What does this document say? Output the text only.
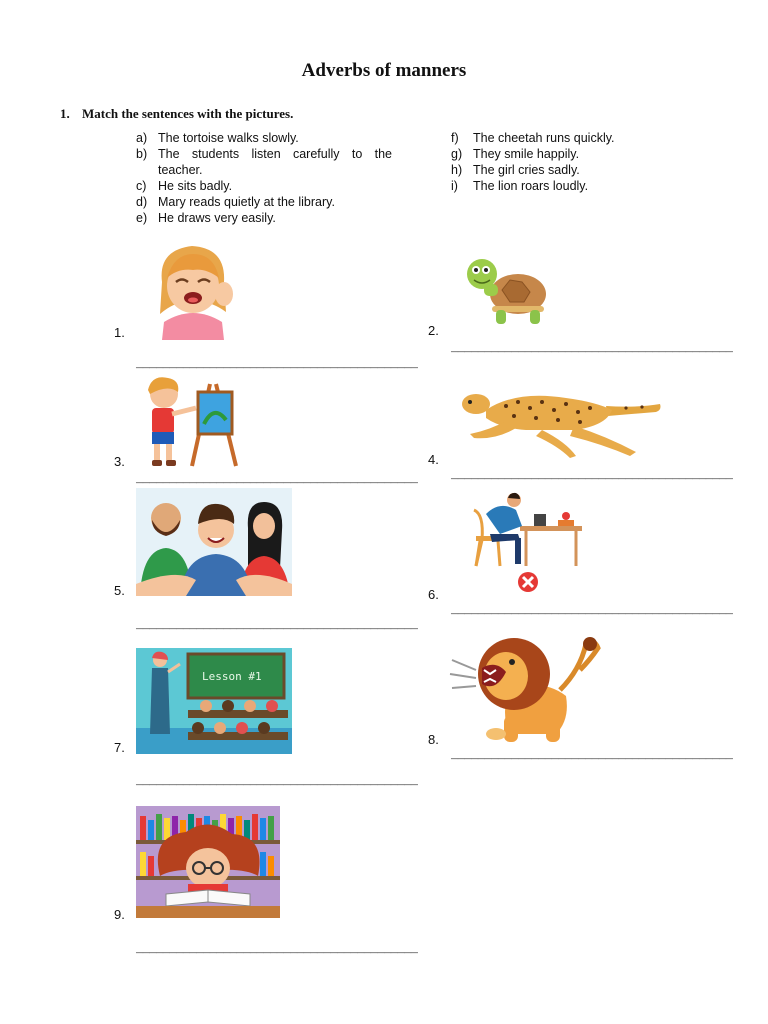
Adverbs of manners
1. Match the sentences with the pictures.
a) The tortoise walks slowly.
b) The students listen carefully to the
teacher.
c) He sits badly.
d) Mary reads quietly at the library.
e) He draws very easily.
f)	The cheetah runs quickly.
g) They smile happily.
h) The girl cries sadly.
i)	The lion roars loudly.
1.
__________________________________________
2.
__________________________________________
3.
__________________________________________
4.
__________________________________________
5.
__________________________________________
6.
__________________________________________
Lesson #1
7.
__________________________________________
8.
__________________________________________
9.
__________________________________________
